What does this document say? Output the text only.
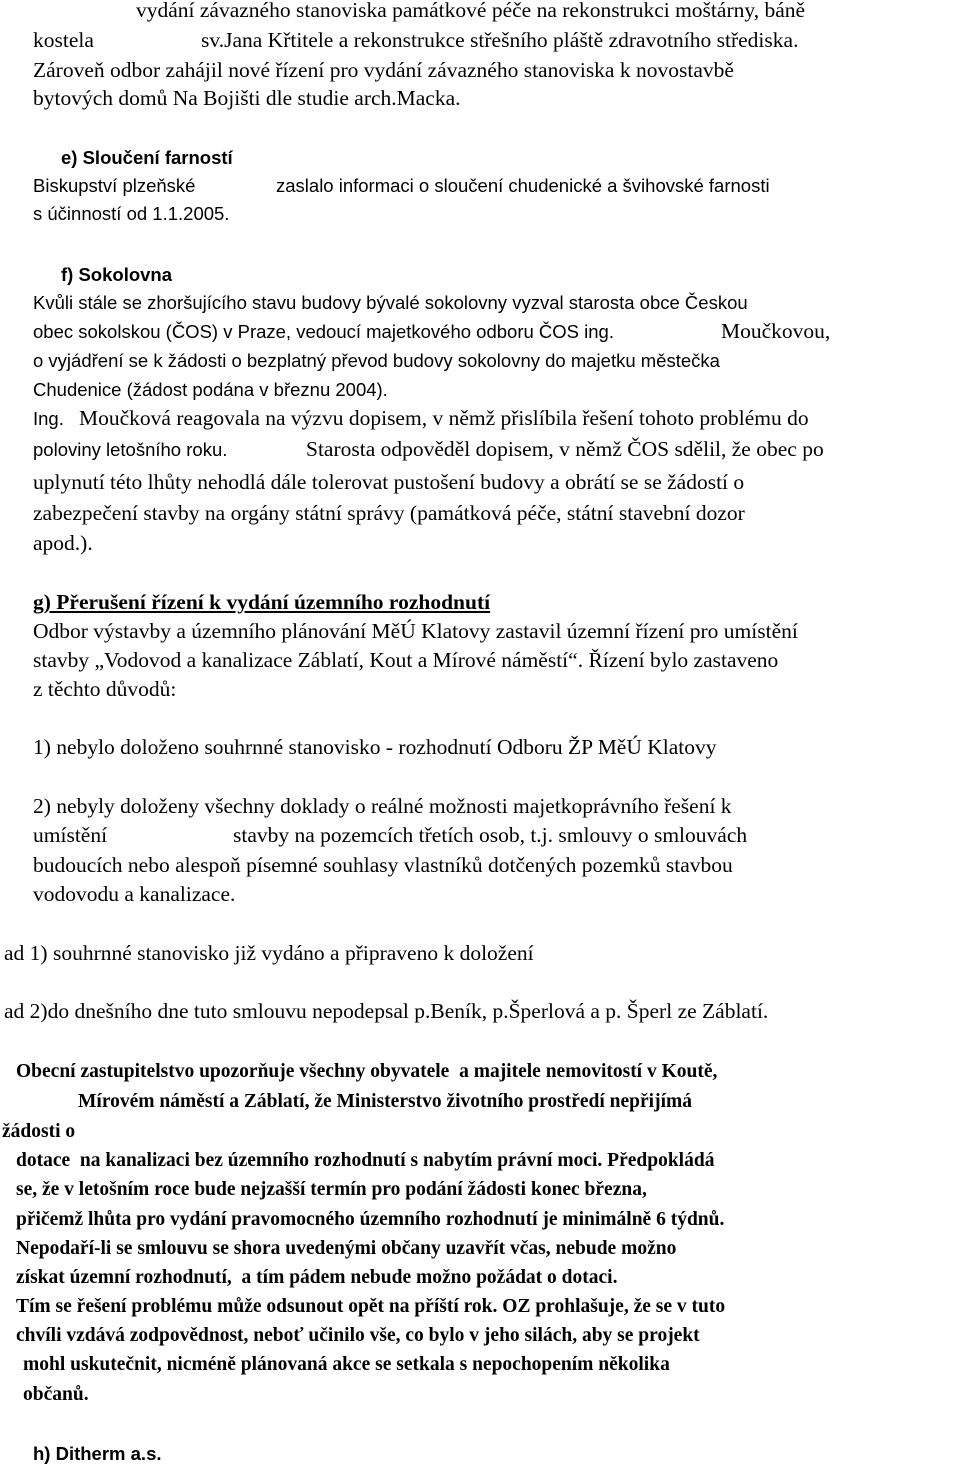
vydání závazného stanoviska památkové péče na rekonstrukci moštárny, báně
kostela	sv.Jana Křtitele a rekonstrukce střešního pláště zdravotního střediska.
Zároveň odbor zahájil nové řízení pro vydání závazného stanoviska k novostavbě
bytových domů Na Bojišti dle studie arch.Macka.
e) Sloučení farností
Biskupství plzeňské	zaslalo informaci o sloučení chudenické a švihovské farnosti
s účinností od 1.1.2005.
f) Sokolovna
Kvůli stále se zhoršujícího stavu budovy bývalé sokolovny vyzval starosta obce Českou
obec sokolskou (ČOS) v Praze, vedoucí majetkového odboru ČOS ing.	Moučkovou,
o vyjádření se k žádosti o bezplatný převod budovy sokolovny do majetku městečka
Chudenice (žádost podána v březnu 2004).
Ing. Moučková reagovala na výzvu dopisem, v němž přislíbila řešení tohoto problému do
poloviny letošního roku.	Starosta odpověděl dopisem, v němž ČOS sdělil, že obec po
uplynutí této lhůty nehodlá dále tolerovat pustošení budovy a obrátí se se žádostí o
zabezpečení stavby na orgány státní správy (památková péče, státní stavební dozor
apod.).
g) Přerušení řízení k vydání územního rozhodnutí
Odbor výstavby a územního plánování MěÚ Klatovy zastavil územní řízení pro umístění
stavby „Vodovod a kanalizace Záblatí, Kout a Mírové náměstí“. Řízení bylo zastaveno
z těchto důvodů:
1) nebylo doloženo souhrnné stanovisko - rozhodnutí Odboru ŽP MěÚ Klatovy
2) nebyly doloženy všechny doklady o reálné možnosti majetkoprávního řešení k
umístění	stavby na pozemcích třetích osob, t.j. smlouvy o smlouvách
budoucích nebo alespoň písemné souhlasy vlastníků dotčených pozemků stavbou
vodovodu a kanalizace.
ad 1) souhrnné stanovisko již vydáno a připraveno k doložení
ad 2)do dnešního dne tuto smlouvu nepodepsal p.Beník, p.Šperlová a p. Šperl ze Záblatí.
Obecní zastupitelstvo upozorňuje všechny obyvatele  a majitele nemovitostí v Koutě,
Mírovém náměstí a Záblatí, že Ministerstvo životního prostředí nepřijímá
žádosti o
dotace  na kanalizaci bez územního rozhodnutí s nabytím právní moci. Předpokládá
se, že v letošním roce bude nejzašší termín pro podání žádosti konec března,
přičemž lhůta pro vydání pravomocného územního rozhodnutí je minimálně 6 týdnů.
Nepodaří-li se smlouvu se shora uvedenými občany uzavřít včas, nebude možno
získat územní rozhodnutí,  a tím pádem nebude možno požádat o dotaci.
Tím se řešení problému může odsunout opět na příští rok. OZ prohlašuje, že se v tuto
chvíli vzdává zodpovědnost, neboť učinilo vše, co bylo v jeho silách, aby se projekt
mohl uskutečnit, nicméně plánovaná akce se setkala s nepochopením několika
občanů.
h) Ditherm a.s.
